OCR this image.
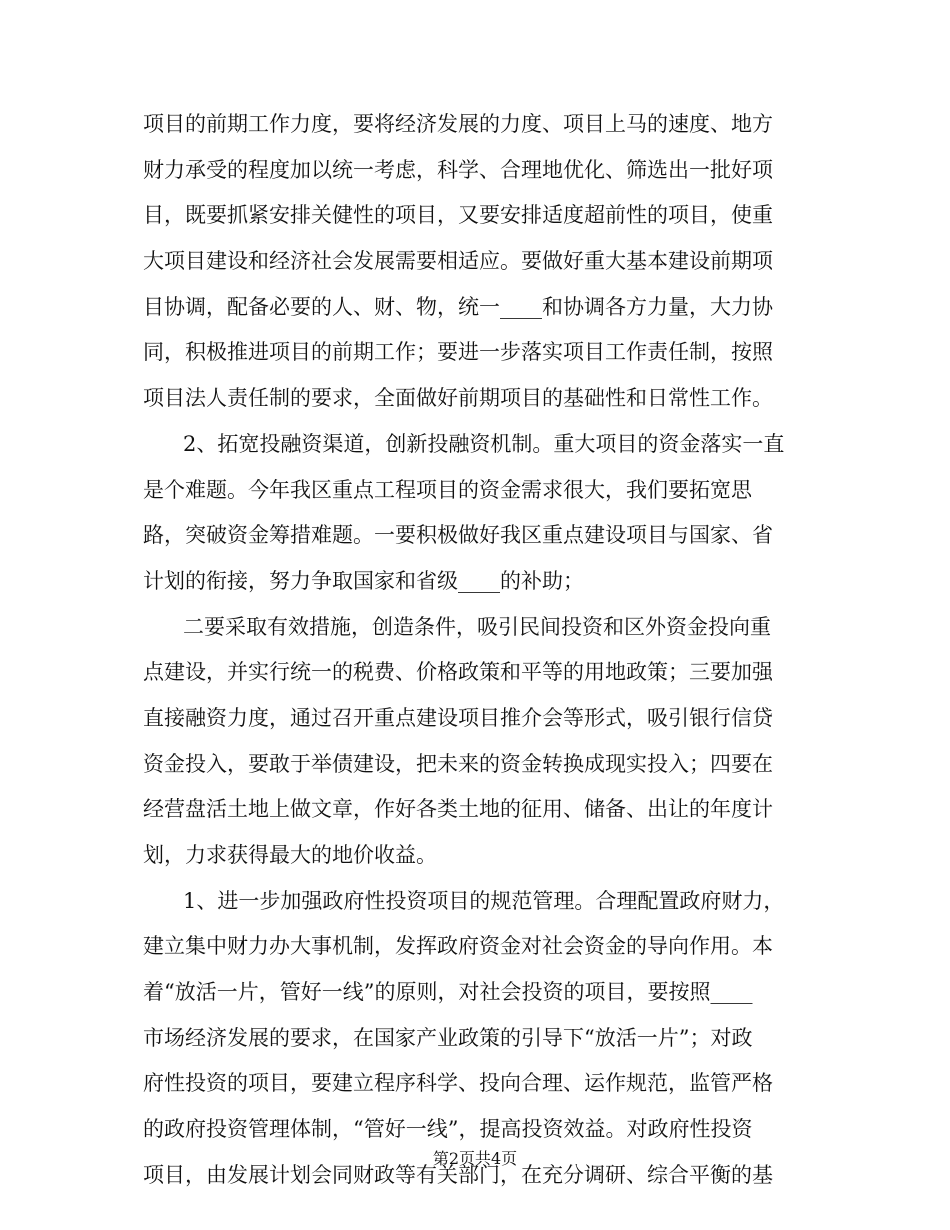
项目的前期工作力度，要将经济发展的力度、项目上马的速度、地方
财力承受的程度加以统一考虑，科学、合理地优化、筛选出一批好项
目，既要抓紧安排关健性的项目，又要安排适度超前性的项目，使重
大项目建设和经济社会发展需要相适应。要做好重大基本建设前期项
目协调，配备必要的人、财、物，统一____和协调各方力量，大力协
同，积极推进项目的前期工作；要进一步落实项目工作责任制，按照
项目法人责任制的要求，全面做好前期项目的基础性和日常性工作。
2、拓宽投融资渠道，创新投融资机制。重大项目的资金落实一直
是个难题。今年我区重点工程项目的资金需求很大，我们要拓宽思
路，突破资金筹措难题。一要积极做好我区重点建设项目与国家、省
计划的衔接，努力争取国家和省级____的补助；
二要采取有效措施，创造条件，吸引民间投资和区外资金投向重
点建设，并实行统一的税费、价格政策和平等的用地政策；三要加强
直接融资力度，通过召开重点建设项目推介会等形式，吸引银行信贷
资金投入，要敢于举债建设，把未来的资金转换成现实投入；四要在
经营盘活土地上做文章，作好各类土地的征用、储备、出让的年度计
划，力求获得最大的地价收益。
1、进一步加强政府性投资项目的规范管理。合理配置政府财力，
建立集中财力办大事机制，发挥政府资金对社会资金的导向作用。本
着“放活一片，管好一线”的原则，对社会投资的项目，要按照____
市场经济发展的要求，在国家产业政策的引导下“放活一片”；对政
府性投资的项目，要建立程序科学、投向合理、运作规范，监管严格
的政府投资管理体制，“管好一线”，提高投资效益。对政府性投资
项目，由发展计划会同财政等有关部门，在充分调研、综合平衡的基
第2页共4页
